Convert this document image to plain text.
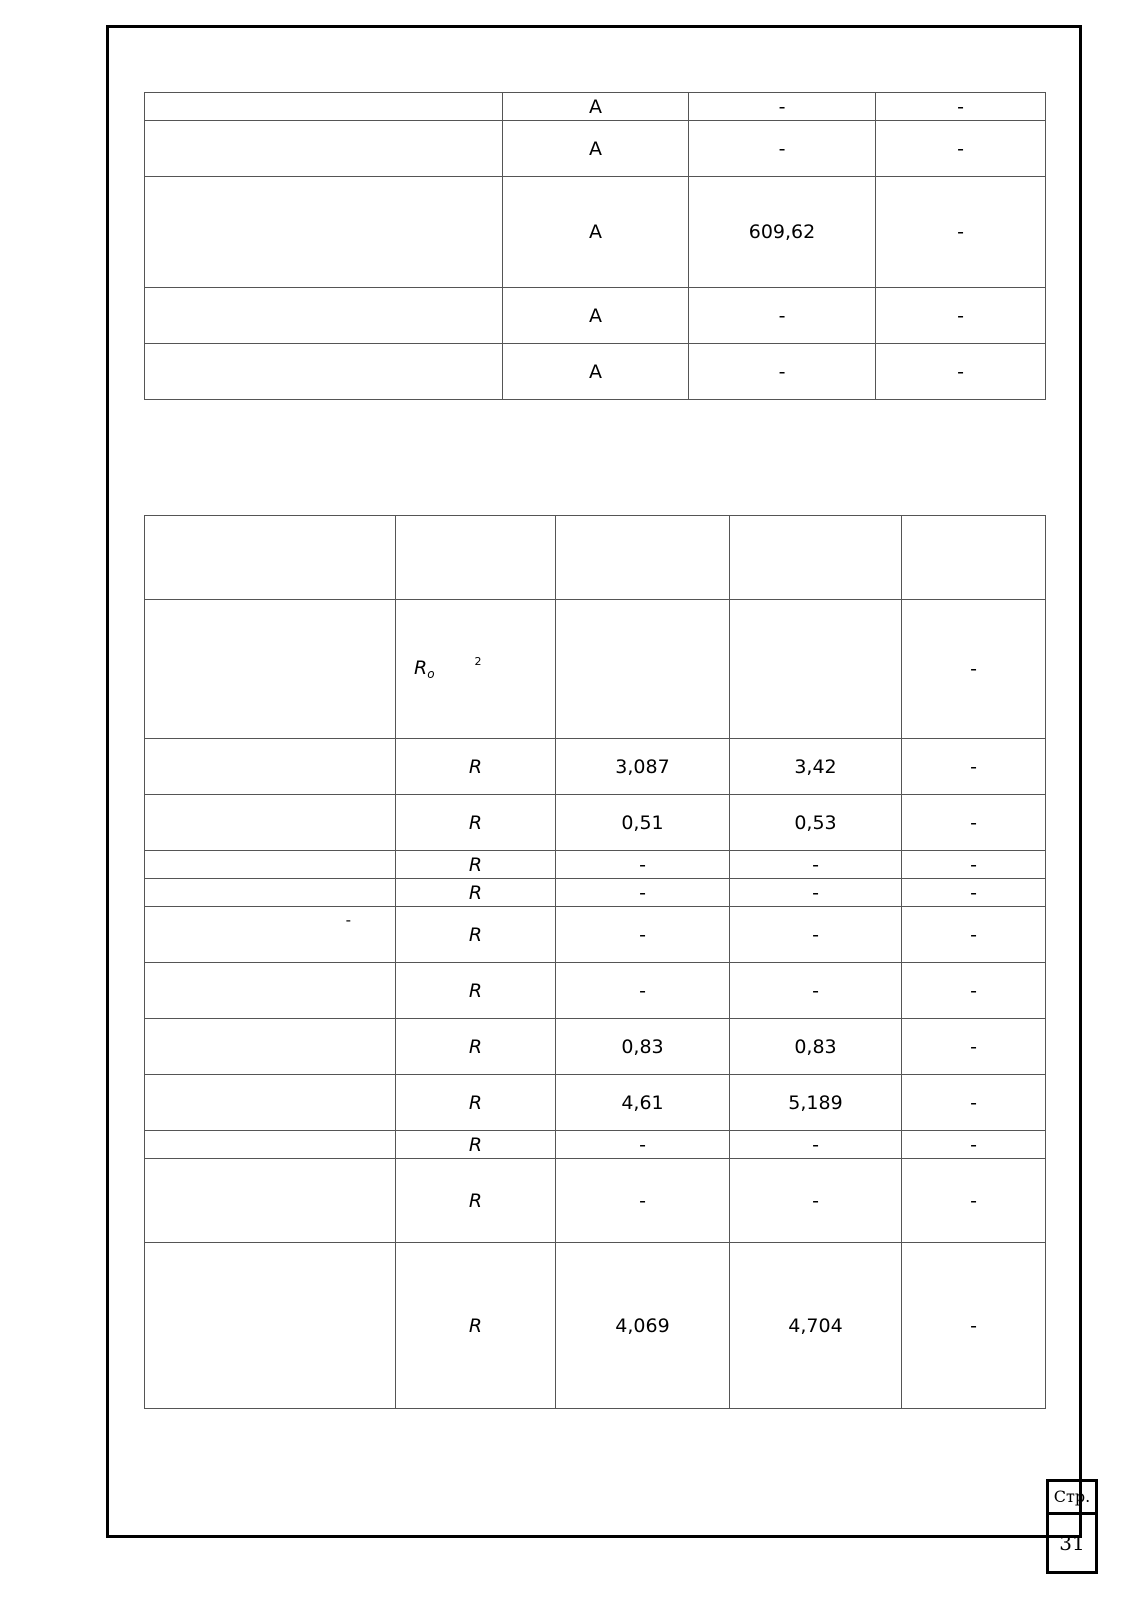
	А	-	-
	А	-	-
	А	609,62	-
	А	-	-
	А	-	-

	$R_o^2$			-
	R	3,087	3,42	-
	R	0,51	0,53	-
	R	-	-	-
	R	-	-	-

-	R	-	-	-
	R	-	-	-
	R	0,83	0,83	-
	R	4,61	5,189	-
	R	-	-	-
	R	-	-	-
	R	4,069	4,704	-
Стр.
31
